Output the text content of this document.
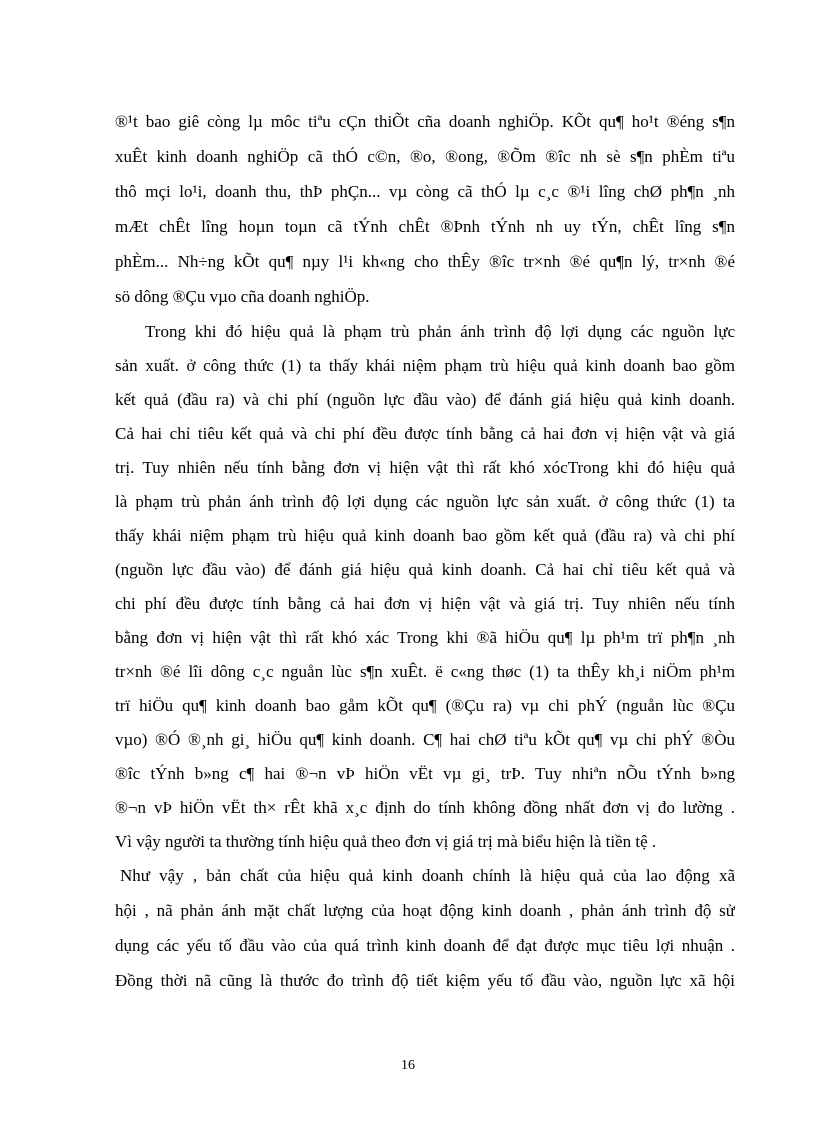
®¹t bao giê còng lµ môc tiªu cÇn thiÕt cña doanh nghiÖp. KÕt qu¶ ho¹t ®éng s¶n
xuÊt kinh doanh nghiÖp cã thÓ c©n, ®o, ®ong, ®Õm ®îc nh sè s¶n phÈm tiªu
thô mçi lo¹i, doanh thu, thÞ phÇn... vµ còng cã thÓ lµ c¸c ®¹i lîng chØ ph¶n ¸nh
mÆt chÊt lîng hoµn toµn cã tÝnh chÊt ®Þnh tÝnh nh uy tÝn, chÊt lîng s¶n
phÈm... Nh÷ng kÕt qu¶ nµy l¹i kh«ng cho thÊy ®îc tr×nh ®é qu¶n lý, tr×nh ®é
sö dông ®Çu vµo cña doanh nghiÖp.
Trong khi đó hiệu quả là phạm trù phản ánh trình độ lợi dụng các nguồn lực
sản xuất. ở công thức (1) ta thấy khái niệm phạm trù hiệu quả kinh doanh bao gồm
kết quả (đầu ra) và chi phí (nguồn lực đầu vào) để đánh giá hiệu quả kinh doanh.
Cả hai chỉ tiêu kết quả và chi phí đều được tính bằng cả hai đơn vị hiện vật và giá
trị. Tuy nhiên nếu tính bằng đơn vị hiện vật thì rất khó xócTrong khi đó hiệu quả
là phạm trù phản ánh trình độ lợi dụng các nguồn lực sản xuất. ở công thức (1) ta
thấy khái niệm phạm trù hiệu quả kinh doanh bao gồm kết quả (đầu ra) và chi phí
(nguồn lực đầu vào) để đánh giá hiệu quả kinh doanh. Cả hai chỉ tiêu kết quả và
chi phí đều được tính bằng cả hai đơn vị hiện vật và giá trị. Tuy nhiên nếu tính
bằng đơn vị hiện vật thì rất khó xác Trong khi ®ã hiÖu qu¶ lµ ph¹m trï ph¶n ¸nh
tr×nh ®é lîi dông c¸c nguån lùc s¶n xuÊt. ë c«ng thøc (1) ta thÊy kh¸i niÖm ph¹m
trï hiÖu qu¶ kinh doanh bao gåm kÕt qu¶ (®Çu ra) vµ chi phÝ (nguån lùc ®Çu
vµo) ®Ó ®¸nh gi¸ hiÖu qu¶ kinh doanh. C¶ hai chØ tiªu kÕt qu¶ vµ chi phÝ ®Òu
®îc tÝnh b»ng c¶ hai ®¬n vÞ hiÖn vËt vµ gi¸ trÞ. Tuy nhiªn nÕu tÝnh b»ng
®¬n vÞ hiÖn vËt th× rÊt khã x¸c định do tính không đồng nhất đơn vị đo lường .
Vì vậy người ta thường tính hiệu quả theo đơn vị giá trị mà biểu hiện là tiền tệ .
Như vậy , bản chất của hiệu quả kinh doanh chính là hiệu quả của lao động xã
hội , nã phản ánh mặt chất lượng của hoạt động kinh doanh , phản ánh trình độ sử
dụng các yếu tố đầu vào của quá trình kinh doanh để đạt được mục tiêu lợi nhuận .
Đồng thời nã cũng là thước đo trình độ tiết kiệm yếu tố đầu vào, nguồn lực xã hội
16
